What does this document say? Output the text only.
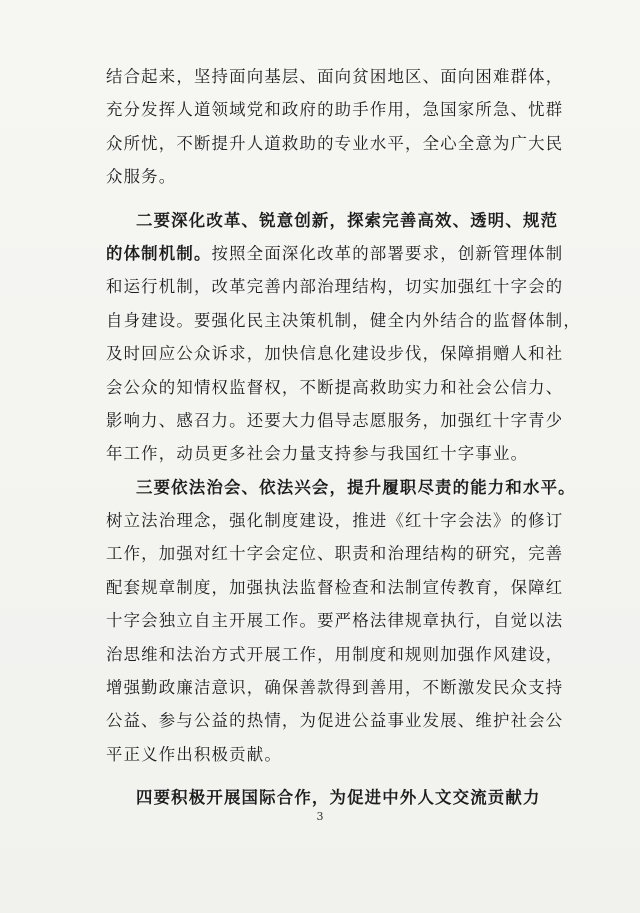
结合起来，坚持面向基层、面向贫困地区、面向困难群体，
充分发挥人道领域党和政府的助手作用，急国家所急、忧群
众所忧，不断提升人道救助的专业水平，全心全意为广大民
众服务。
二要深化改革、锐意创新，探索完善高效、透明、规范
的体制机制。按照全面深化改革的部署要求，创新管理体制
和运行机制，改革完善内部治理结构，切实加强红十字会的
自身建设。要强化民主决策机制，健全内外结合的监督体制，
及时回应公众诉求，加快信息化建设步伐，保障捐赠人和社
会公众的知情权监督权，不断提高救助实力和社会公信力、
影响力、感召力。还要大力倡导志愿服务，加强红十字青少
年工作，动员更多社会力量支持参与我国红十字事业。
三要依法治会、依法兴会，提升履职尽责的能力和水平。
树立法治理念，强化制度建设，推进《红十字会法》的修订
工作，加强对红十字会定位、职责和治理结构的研究，完善
配套规章制度，加强执法监督检查和法制宣传教育，保障红
十字会独立自主开展工作。要严格法律规章执行，自觉以法
治思维和法治方式开展工作，用制度和规则加强作风建设，
增强勤政廉洁意识，确保善款得到善用，不断激发民众支持
公益、参与公益的热情，为促进公益事业发展、维护社会公
平正义作出积极贡献。
四要积极开展国际合作，为促进中外人文交流贡献力
3
